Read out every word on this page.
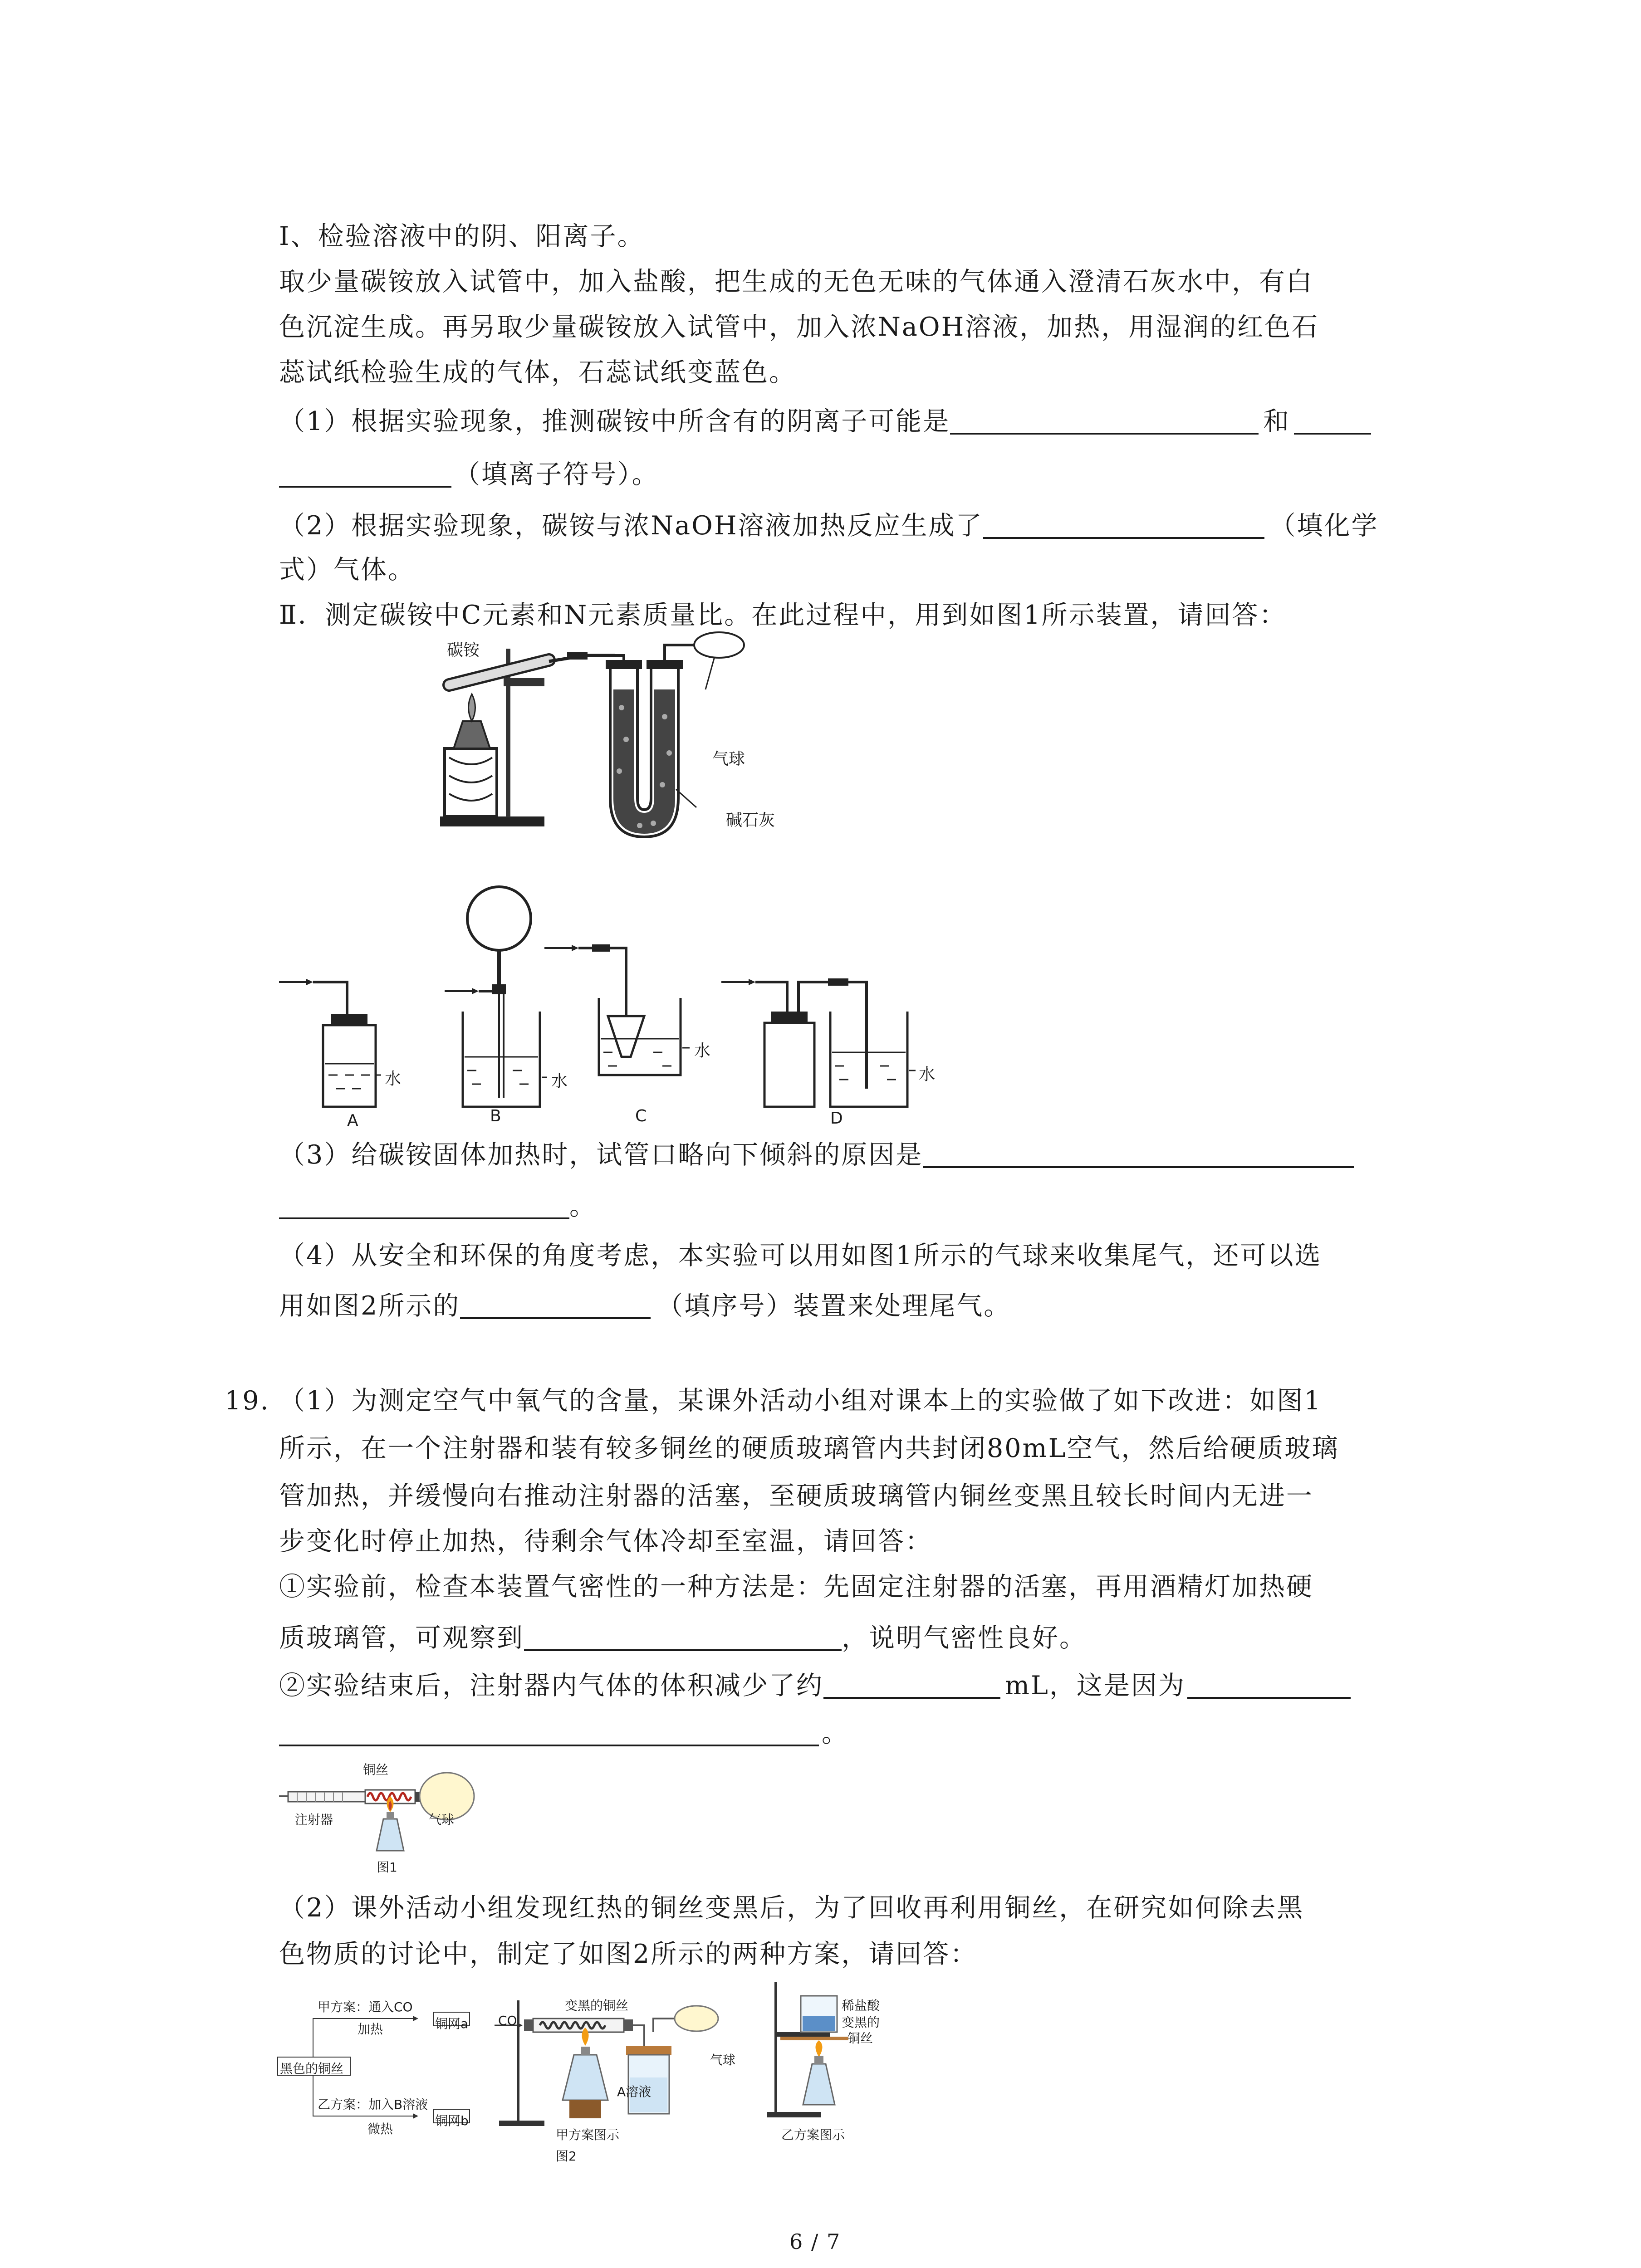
Ⅰ、检验溶液中的阴、阳离子。
取少量碳铵放入试管中，加入盐酸，把生成的无色无味的气体通入澄清石灰水中，有白
色沉淀生成。再另取少量碳铵放入试管中，加入浓NaOH溶液，加热，用湿润的红色石
蕊试纸检验生成的气体，石蕊试纸变蓝色。
（1）根据实验现象，推测碳铵中所含有的阴离子可能是	和
（填离子符号）。
（2）根据实验现象，碳铵与浓NaOH溶液加热反应生成了	（填化学
式）气体。
Ⅱ．测定碳铵中C元素和N元素质量比。在此过程中，用到如图1所示装置，请回答：
碳铵
气球
碱石灰
水	水
水
水
A	B	C	D
（3）给碳铵固体加热时，试管口略向下倾斜的原因是
。
（4）从安全和环保的角度考虑，本实验可以用如图1所示的气球来收集尾气，还可以选
用如图2所示的	（填序号）装置来处理尾气。
19. （1）为测定空气中氧气的含量，某课外活动小组对课本上的实验做了如下改进：如图1
所示，在一个注射器和装有较多铜丝的硬质玻璃管内共封闭80mL空气，然后给硬质玻璃
管加热，并缓慢向右推动注射器的活塞，至硬质玻璃管内铜丝变黑且较长时间内无进一
步变化时停止加热，待剩余气体冷却至室温，请回答：
①实验前，检查本装置气密性的一种方法是：先固定注射器的活塞，再用酒精灯加热硬
质玻璃管，可观察到	，说明气密性良好。
②实验结束后，注射器内气体的体积减少了约	mL，这是因为
。
铜丝
注射器	气球
图1
（2）课外活动小组发现红热的铜丝变黑后，为了回收再利用铜丝，在研究如何除去黑
色物质的讨论中，制定了如图2所示的两种方案，请回答：
甲方案：通入CO
加热	铜网a
黑色的铜丝
乙方案：加入B溶液
微热
铜网b
CO
变黑的铜丝
气球
A溶液
甲方案图示
图2
稀盐酸
变黑的
铜丝
乙方案图示
6 / 7
